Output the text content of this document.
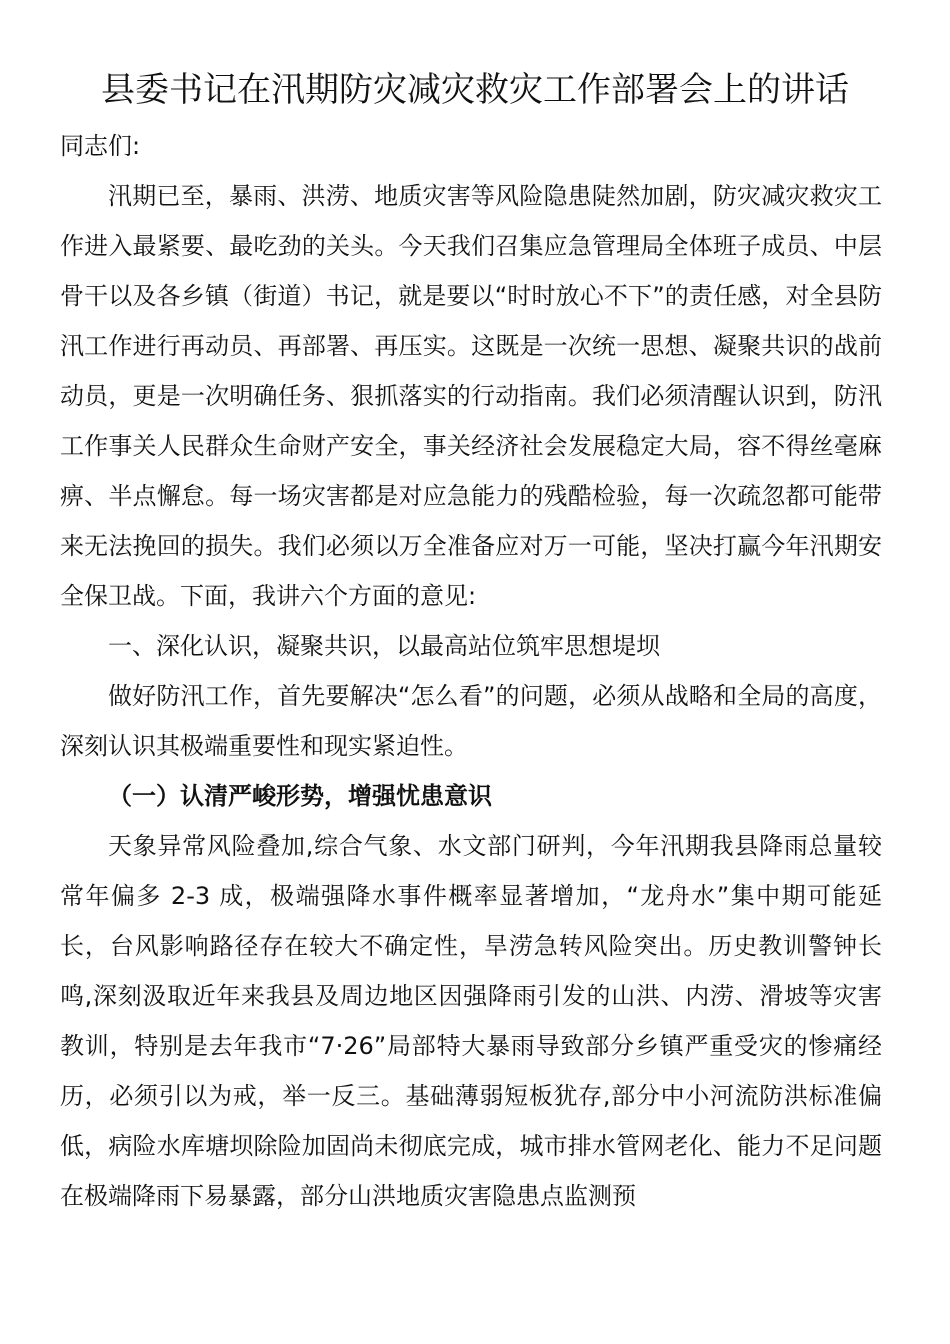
县委书记在汛期防灾减灾救灾工作部署会上的讲话

同志们:

汛期已至，暴雨、洪涝、地质灾害等风险隐患陡然加剧，防灾减灾救灾工作进入最紧要、最吃劲的关头。今天我们召集应急管理局全体班子成员、中层骨干以及各乡镇（街道）书记，就是要以“时时放心不下”的责任感，对全县防汛工作进行再动员、再部署、再压实。这既是一次统一思想、凝聚共识的战前动员，更是一次明确任务、狠抓落实的行动指南。我们必须清醒认识到，防汛工作事关人民群众生命财产安全，事关经济社会发展稳定大局，容不得丝毫麻痹、半点懈怠。每一场灾害都是对应急能力的残酷检验，每一次疏忽都可能带来无法挽回的损失。我们必须以万全准备应对万一可能，坚决打赢今年汛期安全保卫战。下面，我讲六个方面的意见:

一、深化认识，凝聚共识，以最高站位筑牢思想堤坝

做好防汛工作，首先要解决“怎么看”的问题，必须从战略和全局的高度，深刻认识其极端重要性和现实紧迫性。

（一）认清严峻形势，增强忧患意识

天象异常风险叠加,综合气象、水文部门研判，今年汛期我县降雨总量较常年偏多 2-3 成，极端强降水事件概率显著增加，“龙舟水”集中期可能延长，台风影响路径存在较大不确定性，旱涝急转风险突出。历史教训警钟长鸣,深刻汲取近年来我县及周边地区因强降雨引发的山洪、内涝、滑坡等灾害教训，特别是去年我市“7·26”局部特大暴雨导致部分乡镇严重受灾的惨痛经历，必须引以为戒，举一反三。基础薄弱短板犹存,部分中小河流防洪标准偏低，病险水库塘坝除险加固尚未彻底完成，城市排水管网老化、能力不足问题在极端降雨下易暴露，部分山洪地质灾害隐患点监测预
